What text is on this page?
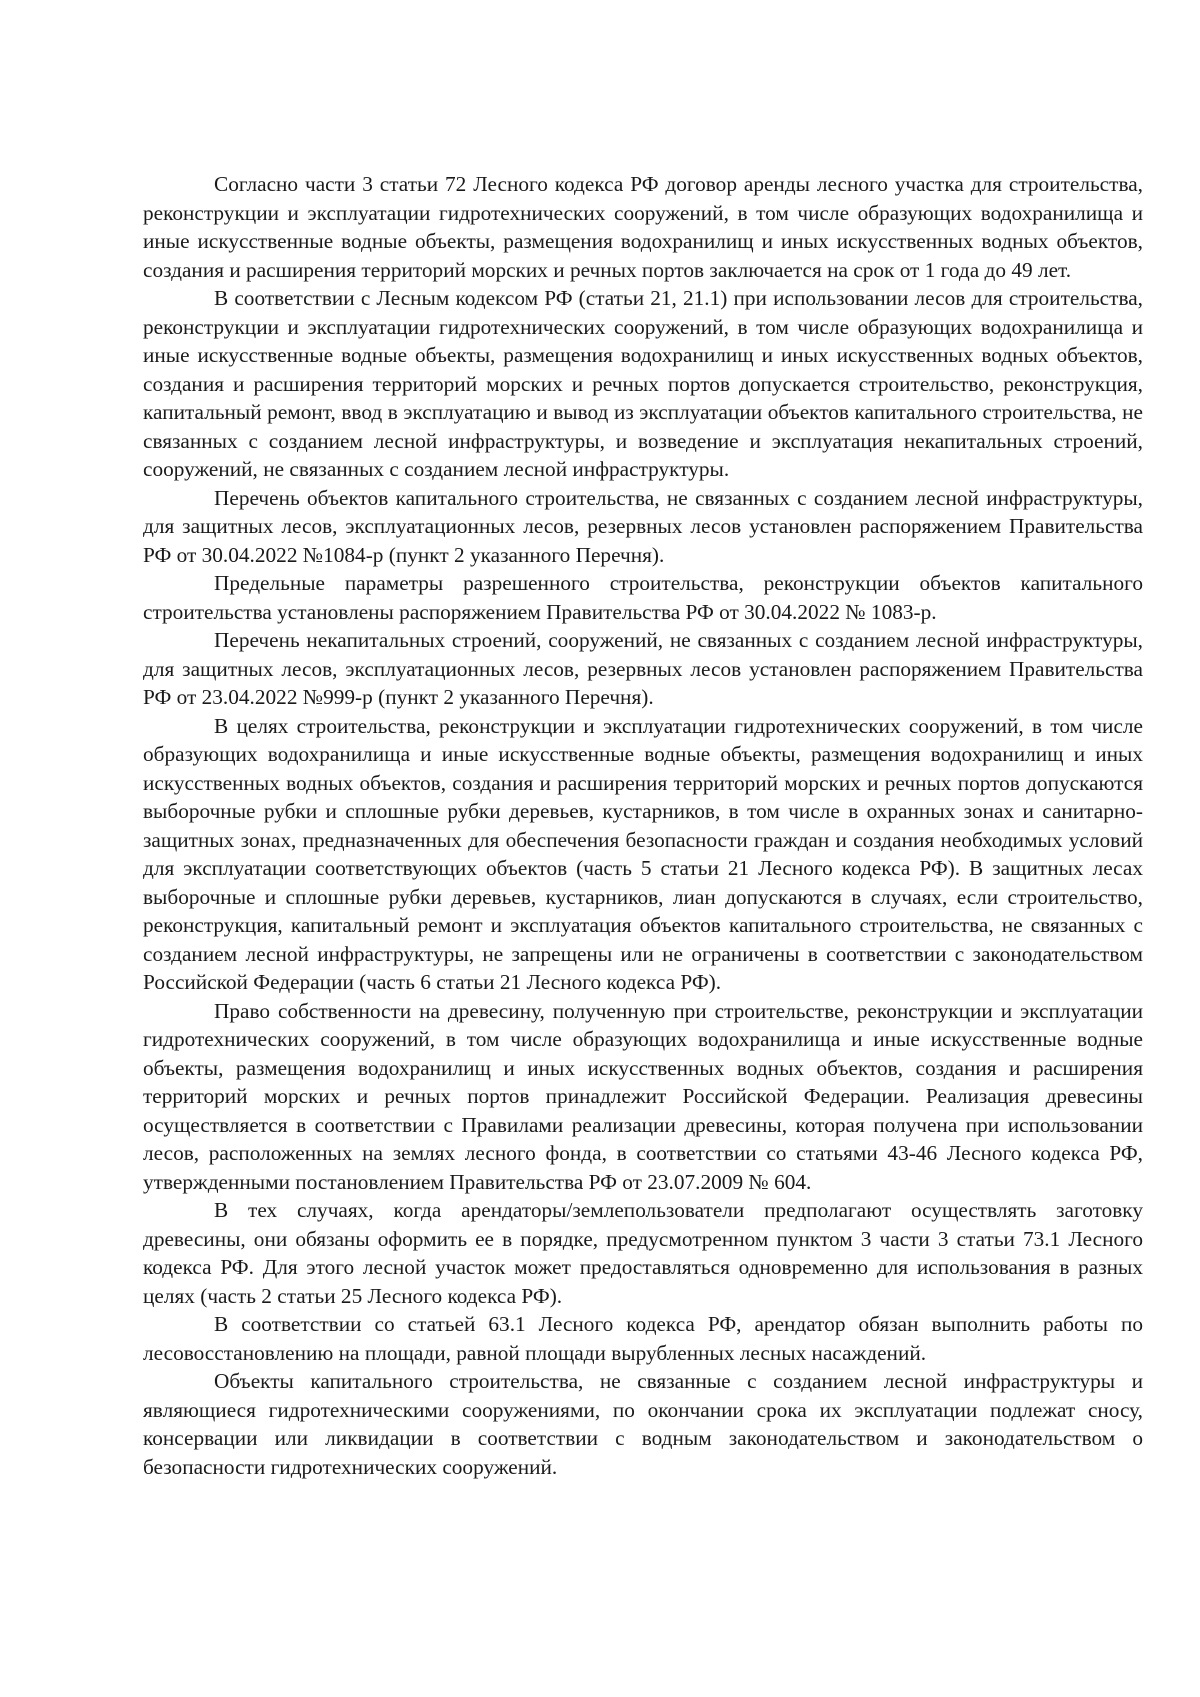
Согласно части 3 статьи 72 Лесного кодекса РФ договор аренды лесного участка для строительства, реконструкции и эксплуатации гидротехнических сооружений, в том числе образующих водохранилища и иные искусственные водные объекты, размещения водохранилищ и иных искусственных водных объектов, создания и расширения территорий морских и речных портов заключается на срок от 1 года до 49 лет.

В соответствии с Лесным кодексом РФ (статьи 21, 21.1) при использовании лесов для строительства, реконструкции и эксплуатации гидротехнических сооружений, в том числе образующих водохранилища и иные искусственные водные объекты, размещения водохранилищ и иных искусственных водных объектов, создания и расширения территорий морских и речных портов допускается строительство, реконструкция, капитальный ремонт, ввод в эксплуатацию и вывод из эксплуатации объектов капитального строительства, не связанных с созданием лесной инфраструктуры, и возведение и эксплуатация некапитальных строений, сооружений, не связанных с созданием лесной инфраструктуры.

Перечень объектов капитального строительства, не связанных с созданием лесной инфраструктуры, для защитных лесов, эксплуатационных лесов, резервных лесов установлен распоряжением Правительства РФ от 30.04.2022 №1084-р (пункт 2 указанного Перечня).

Предельные параметры разрешенного строительства, реконструкции объектов капитального строительства установлены распоряжением Правительства РФ от 30.04.2022 № 1083-р.

Перечень некапитальных строений, сооружений, не связанных с созданием лесной инфраструктуры, для защитных лесов, эксплуатационных лесов, резервных лесов установлен распоряжением Правительства РФ от 23.04.2022 №999-р (пункт 2 указанного Перечня).

В целях строительства, реконструкции и эксплуатации гидротехнических сооружений, в том числе образующих водохранилища и иные искусственные водные объекты, размещения водохранилищ и иных искусственных водных объектов, создания и расширения территорий морских и речных портов допускаются выборочные рубки и сплошные рубки деревьев, кустарников, в том числе в охранных зонах и санитарно-защитных зонах, предназначенных для обеспечения безопасности граждан и создания необходимых условий для эксплуатации соответствующих объектов (часть 5 статьи 21 Лесного кодекса РФ). В защитных лесах выборочные и сплошные рубки деревьев, кустарников, лиан допускаются в случаях, если строительство, реконструкция, капитальный ремонт и эксплуатация объектов капитального строительства, не связанных с созданием лесной инфраструктуры, не запрещены или не ограничены в соответствии с законодательством Российской Федерации (часть 6 статьи 21 Лесного кодекса РФ).

Право собственности на древесину, полученную при строительстве, реконструкции и эксплуатации гидротехнических сооружений, в том числе образующих водохранилища и иные искусственные водные объекты, размещения водохранилищ и иных искусственных водных объектов, создания и расширения территорий морских и речных портов принадлежит Российской Федерации. Реализация древесины осуществляется в соответствии с Правилами реализации древесины, которая получена при использовании лесов, расположенных на землях лесного фонда, в соответствии со статьями 43-46 Лесного кодекса РФ, утвержденными постановлением Правительства РФ от 23.07.2009 № 604.

В тех случаях, когда арендаторы/землепользователи предполагают осуществлять заготовку древесины, они обязаны оформить ее в порядке, предусмотренном пунктом 3 части 3 статьи 73.1 Лесного кодекса РФ. Для этого лесной участок может предоставляться одновременно для использования в разных целях (часть 2 статьи 25 Лесного кодекса РФ).

В соответствии со статьей 63.1 Лесного кодекса РФ, арендатор обязан выполнить работы по лесовосстановлению на площади, равной площади вырубленных лесных насаждений.

Объекты капитального строительства, не связанные с созданием лесной инфраструктуры и являющиеся гидротехническими сооружениями, по окончании срока их эксплуатации подлежат сносу, консервации или ликвидации в соответствии с водным законодательством и законодательством о безопасности гидротехнических сооружений.
